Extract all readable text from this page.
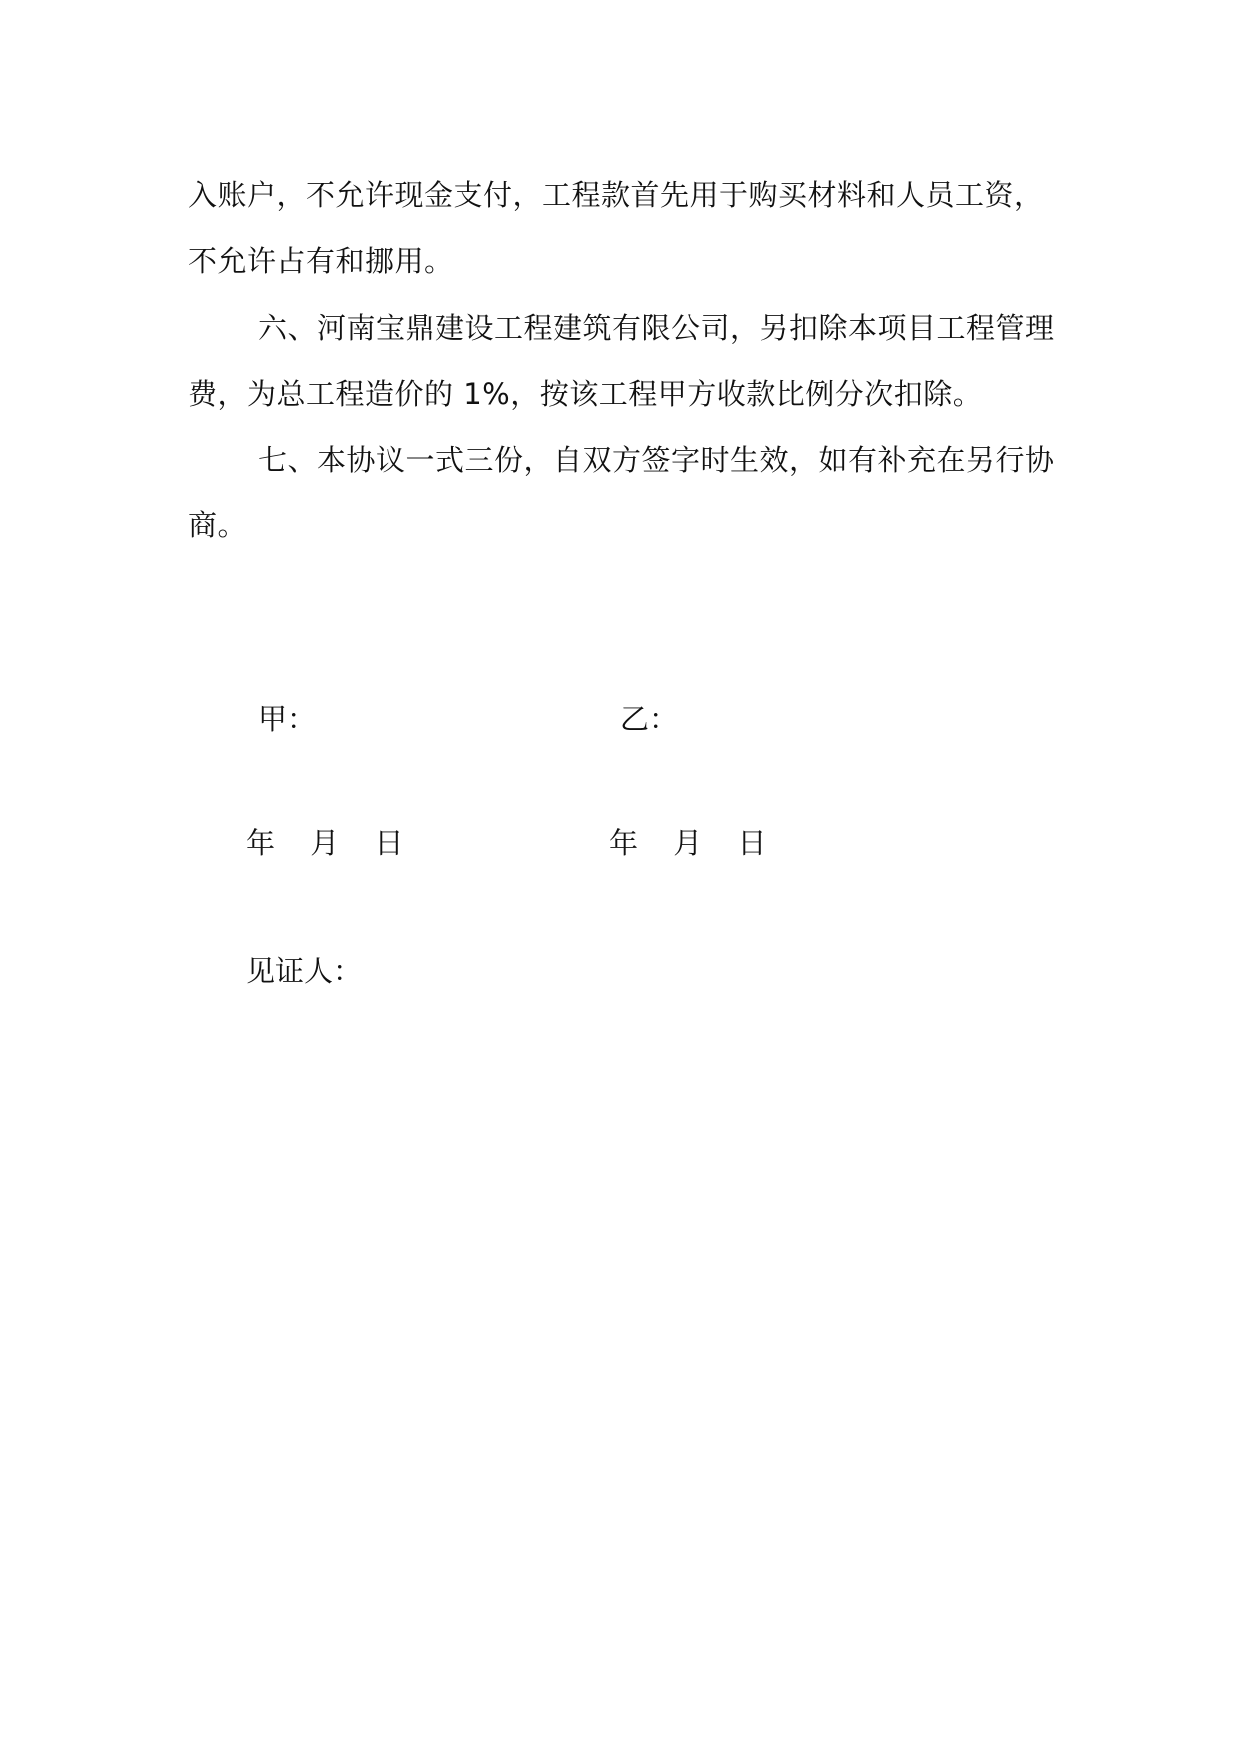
入账户，不允许现金支付，工程款首先用于购买材料和人员工资，
不允许占有和挪用。
六、河南宝鼎建设工程建筑有限公司，另扣除本项目工程管理
费，为总工程造价的 1%，按该工程甲方收款比例分次扣除。
七、本协议一式三份，自双方签字时生效，如有补充在另行协
商。
甲：	乙：
年 月 日	年 月 日
见证人：
